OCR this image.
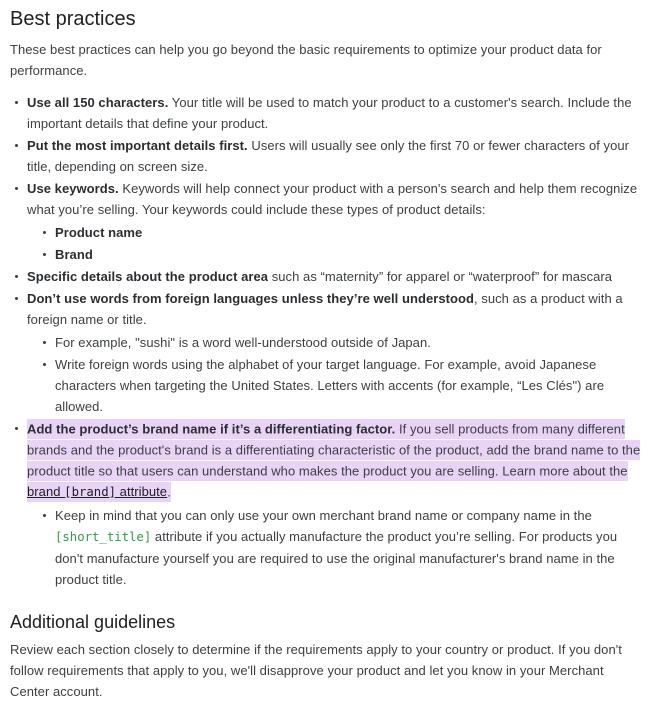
Best practices

These best practices can help you go beyond the basic requirements to optimize your product data for performance.

Use all 150 characters. Your title will be used to match your product to a customer's search. Include the important details that define your product.
Put the most important details first. Users will usually see only the first 70 or fewer characters of your title, depending on screen size.
Use keywords. Keywords will help connect your product with a person's search and help them recognize what you’re selling. Your keywords could include these types of product details:
Product name
Brand
Specific details about the product area such as “maternity” for apparel or “waterproof” for mascara
Don’t use words from foreign languages unless they’re well understood, such as a product with a foreign name or title.
For example, "sushi" is a word well-understood outside of Japan.
Write foreign words using the alphabet of your target language. For example, avoid Japanese characters when targeting the United States. Letters with accents (for example, “Les Clés") are allowed.
Add the product’s brand name if it’s a differentiating factor. If you sell products from many different brands and the product's brand is a differentiating characteristic of the product, add the brand name to the product title so that users can understand who makes the product you are selling. Learn more about the brand [brand] attribute.
Keep in mind that you can only use your own merchant brand name or company name in the [short_title] attribute if you actually manufacture the product you’re selling. For products you don't manufacture yourself you are required to use the original manufacturer's brand name in the product title.
Additional guidelines

Review each section closely to determine if the requirements apply to your country or product. If you don't follow requirements that apply to you, we'll disapprove your product and let you know in your Merchant Center account.
